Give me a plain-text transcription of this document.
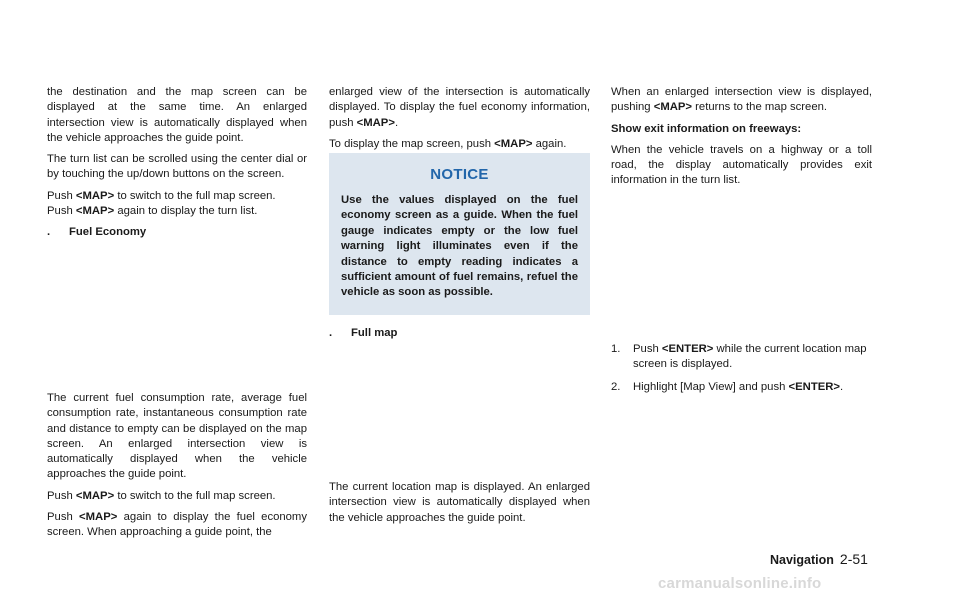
the destination and the map screen can be displayed at the same time. An enlarged intersection view is automatically displayed when the vehicle approaches the guide point.

The turn list can be scrolled using the center dial or by touching the up/down buttons on the screen.

Push <MAP> to switch to the full map screen.
Push <MAP> again to display the turn list.

. Fuel Economy

The current fuel consumption rate, average fuel consumption rate, instantaneous consumption rate and distance to empty can be displayed on the map screen. An enlarged intersection view is automatically displayed when the vehicle approaches the guide point.

Push <MAP> to switch to the full map screen.

Push <MAP> again to display the fuel economy screen. When approaching a guide point, the

enlarged view of the intersection is automatically displayed. To display the fuel economy information, push <MAP>.

To display the map screen, push <MAP> again.

NOTICE
Use the values displayed on the fuel economy screen as a guide. When the fuel gauge indicates empty or the low fuel warning light illuminates even if the distance to empty reading indicates a sufficient amount of fuel remains, refuel the vehicle as soon as possible.

. Full map

The current location map is displayed. An enlarged intersection view is automatically displayed when the vehicle approaches the guide point.

When an enlarged intersection view is displayed, pushing <MAP> returns to the map screen.

Show exit information on freeways:

When the vehicle travels on a highway or a toll road, the display automatically provides exit information in the turn list.

1. Push <ENTER> while the current location map screen is displayed.
2. Highlight [Map View] and push <ENTER>.
Navigation 2-51
carmanualsonline.info
